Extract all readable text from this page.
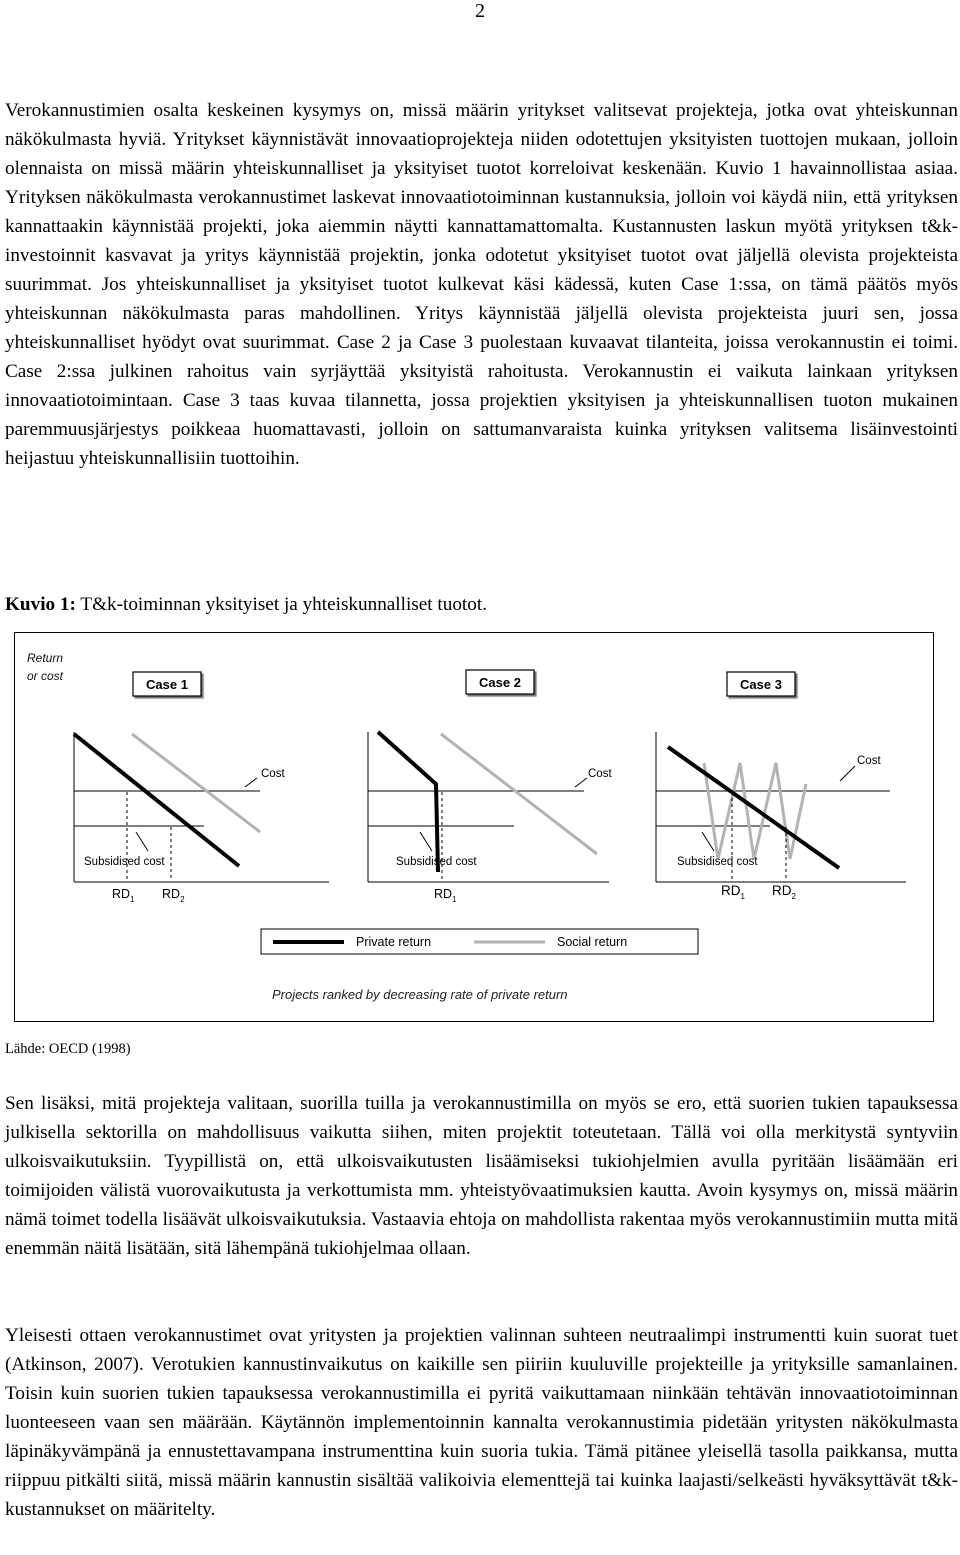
2

Verokannustimien osalta keskeinen kysymys on, missä määrin yritykset valitsevat projekteja, jotka ovat yhteiskunnan näkökulmasta hyviä. Yritykset käynnistävät innovaatioprojekteja niiden odotettujen yksityisten tuottojen mukaan, jolloin olennaista on missä määrin yhteiskunnalliset ja yksityiset tuotot korreloivat keskenään. Kuvio 1 havainnollistaa asiaa. Yrityksen näkökulmasta verokannustimet laskevat innovaatiotoiminnan kustannuksia, jolloin voi käydä niin, että yrityksen kannattaakin käynnistää projekti, joka aiemmin näytti kannattamattomalta. Kustannusten laskun myötä yrityksen t&k-investoinnit kasvavat ja yritys käynnistää projektin, jonka odotetut yksityiset tuotot ovat jäljellä olevista projekteista suurimmat. Jos yhteiskunnalliset ja yksityiset tuotot kulkevat käsi kädessä, kuten Case 1:ssa, on tämä päätös myös yhteiskunnan näkökulmasta paras mahdollinen. Yritys käynnistää jäljellä olevista projekteista juuri sen, jossa yhteiskunnalliset hyödyt ovat suurimmat. Case 2 ja Case 3 puolestaan kuvaavat tilanteita, joissa verokannustin ei toimi. Case 2:ssa julkinen rahoitus vain syrjäyttää yksityistä rahoitusta. Verokannustin ei vaikuta lainkaan yrityksen innovaatiotoimintaan. Case 3 taas kuvaa tilannetta, jossa projektien yksityisen ja yhteiskunnallisen tuoton mukainen paremmuusjärjestys poikkeaa huomattavasti, jolloin on sattumanvaraista kuinka yrityksen valitsema lisäinvestointi heijastuu yhteiskunnallisiin tuottoihin.

Kuvio 1: T&k-toiminnan yksityiset ja yhteiskunnalliset tuotot.
Return
or cost
Case 1	Case 2	Case 3
Cost
Subsidised cost
$RD_1$ $RD_2$
Cost
Subsidised cost
$RD_1$
Cost
Subsidised cost
$RD_1$ $RD_2$
Private return	Social return
Projects ranked by decreasing rate of private return
Lähde: OECD (1998)

Sen lisäksi, mitä projekteja valitaan, suorilla tuilla ja verokannustimilla on myös se ero, että suorien tukien tapauksessa julkisella sektorilla on mahdollisuus vaikutta siihen, miten projektit toteutetaan. Tällä voi olla merkitystä syntyviin ulkoisvaikutuksiin. Tyypillistä on, että ulkoisvaikutusten lisäämiseksi tukiohjelmien avulla pyritään lisäämään eri toimijoiden välistä vuorovaikutusta ja verkottumista mm. yhteistyövaatimuksien kautta. Avoin kysymys on, missä määrin nämä toimet todella lisäävät ulkoisvaikutuksia. Vastaavia ehtoja on mahdollista rakentaa myös verokannustimiin mutta mitä enemmän näitä lisätään, sitä lähempänä tukiohjelmaa ollaan.

Yleisesti ottaen verokannustimet ovat yritysten ja projektien valinnan suhteen neutraalimpi instrumentti kuin suorat tuet (Atkinson, 2007). Verotukien kannustinvaikutus on kaikille sen piiriin kuuluville projekteille ja yrityksille samanlainen. Toisin kuin suorien tukien tapauksessa verokannustimilla ei pyritä vaikuttamaan niinkään tehtävän innovaatiotoiminnan luonteeseen vaan sen määrään. Käytännön implementoinnin kannalta verokannustimia pidetään yritysten näkökulmasta läpinäkyvämpänä ja ennustettavampana instrumenttina kuin suoria tukia. Tämä pitänee yleisellä tasolla paikkansa, mutta riippuu pitkälti siitä, missä määrin kannustin sisältää valikoivia elementtejä tai kuinka laajasti/selkeästi hyväksyttävät t&k-kustannukset on määritelty.
